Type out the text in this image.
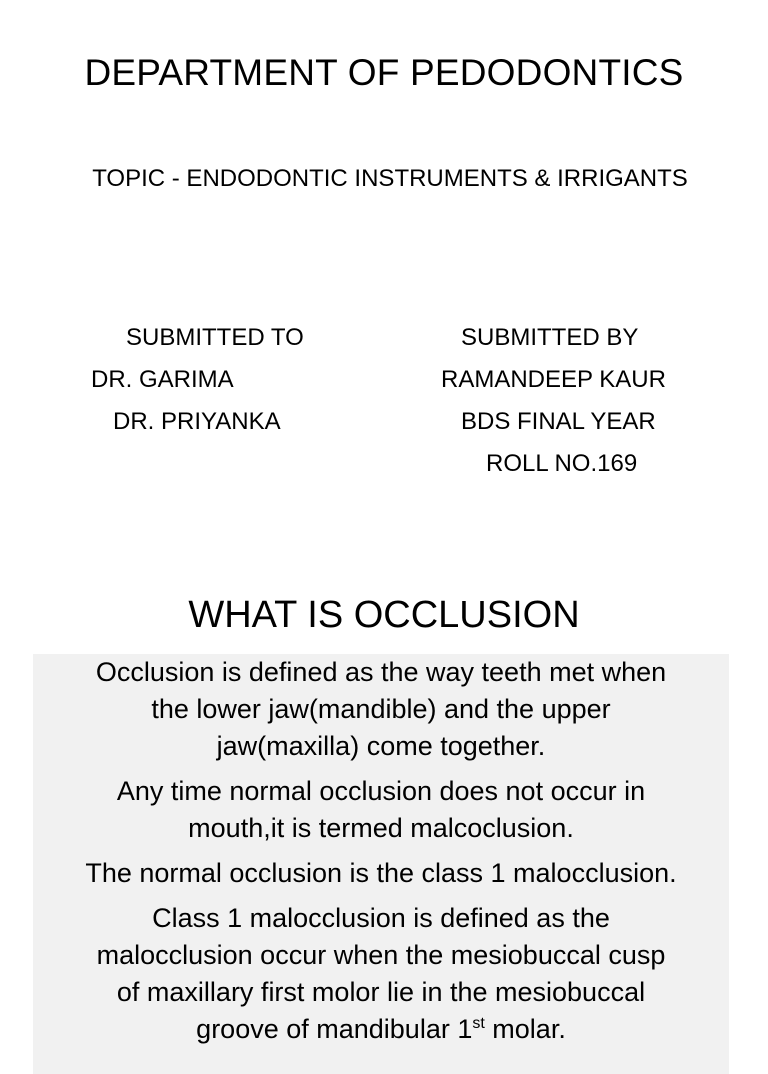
DEPARTMENT OF PEDODONTICS
TOPIC - ENDODONTIC INSTRUMENTS & IRRIGANTS
SUBMITTED TO
DR. GARIMA
DR. PRIYANKA
SUBMITTED BY
RAMANDEEP KAUR
BDS FINAL YEAR
ROLL NO.169
WHAT IS OCCLUSION

Occlusion is defined as the way teeth met when
the lower jaw(mandible) and the upper
jaw(maxilla) come together.

Any time normal occlusion does not occur in
mouth,it is termed malcoclusion.

The normal occlusion is the class 1 malocclusion.

Class 1 malocclusion is defined as the
malocclusion occur when the mesiobuccal cusp
of maxillary first molor lie in the mesiobuccal
groove of mandibular 1st molar.
